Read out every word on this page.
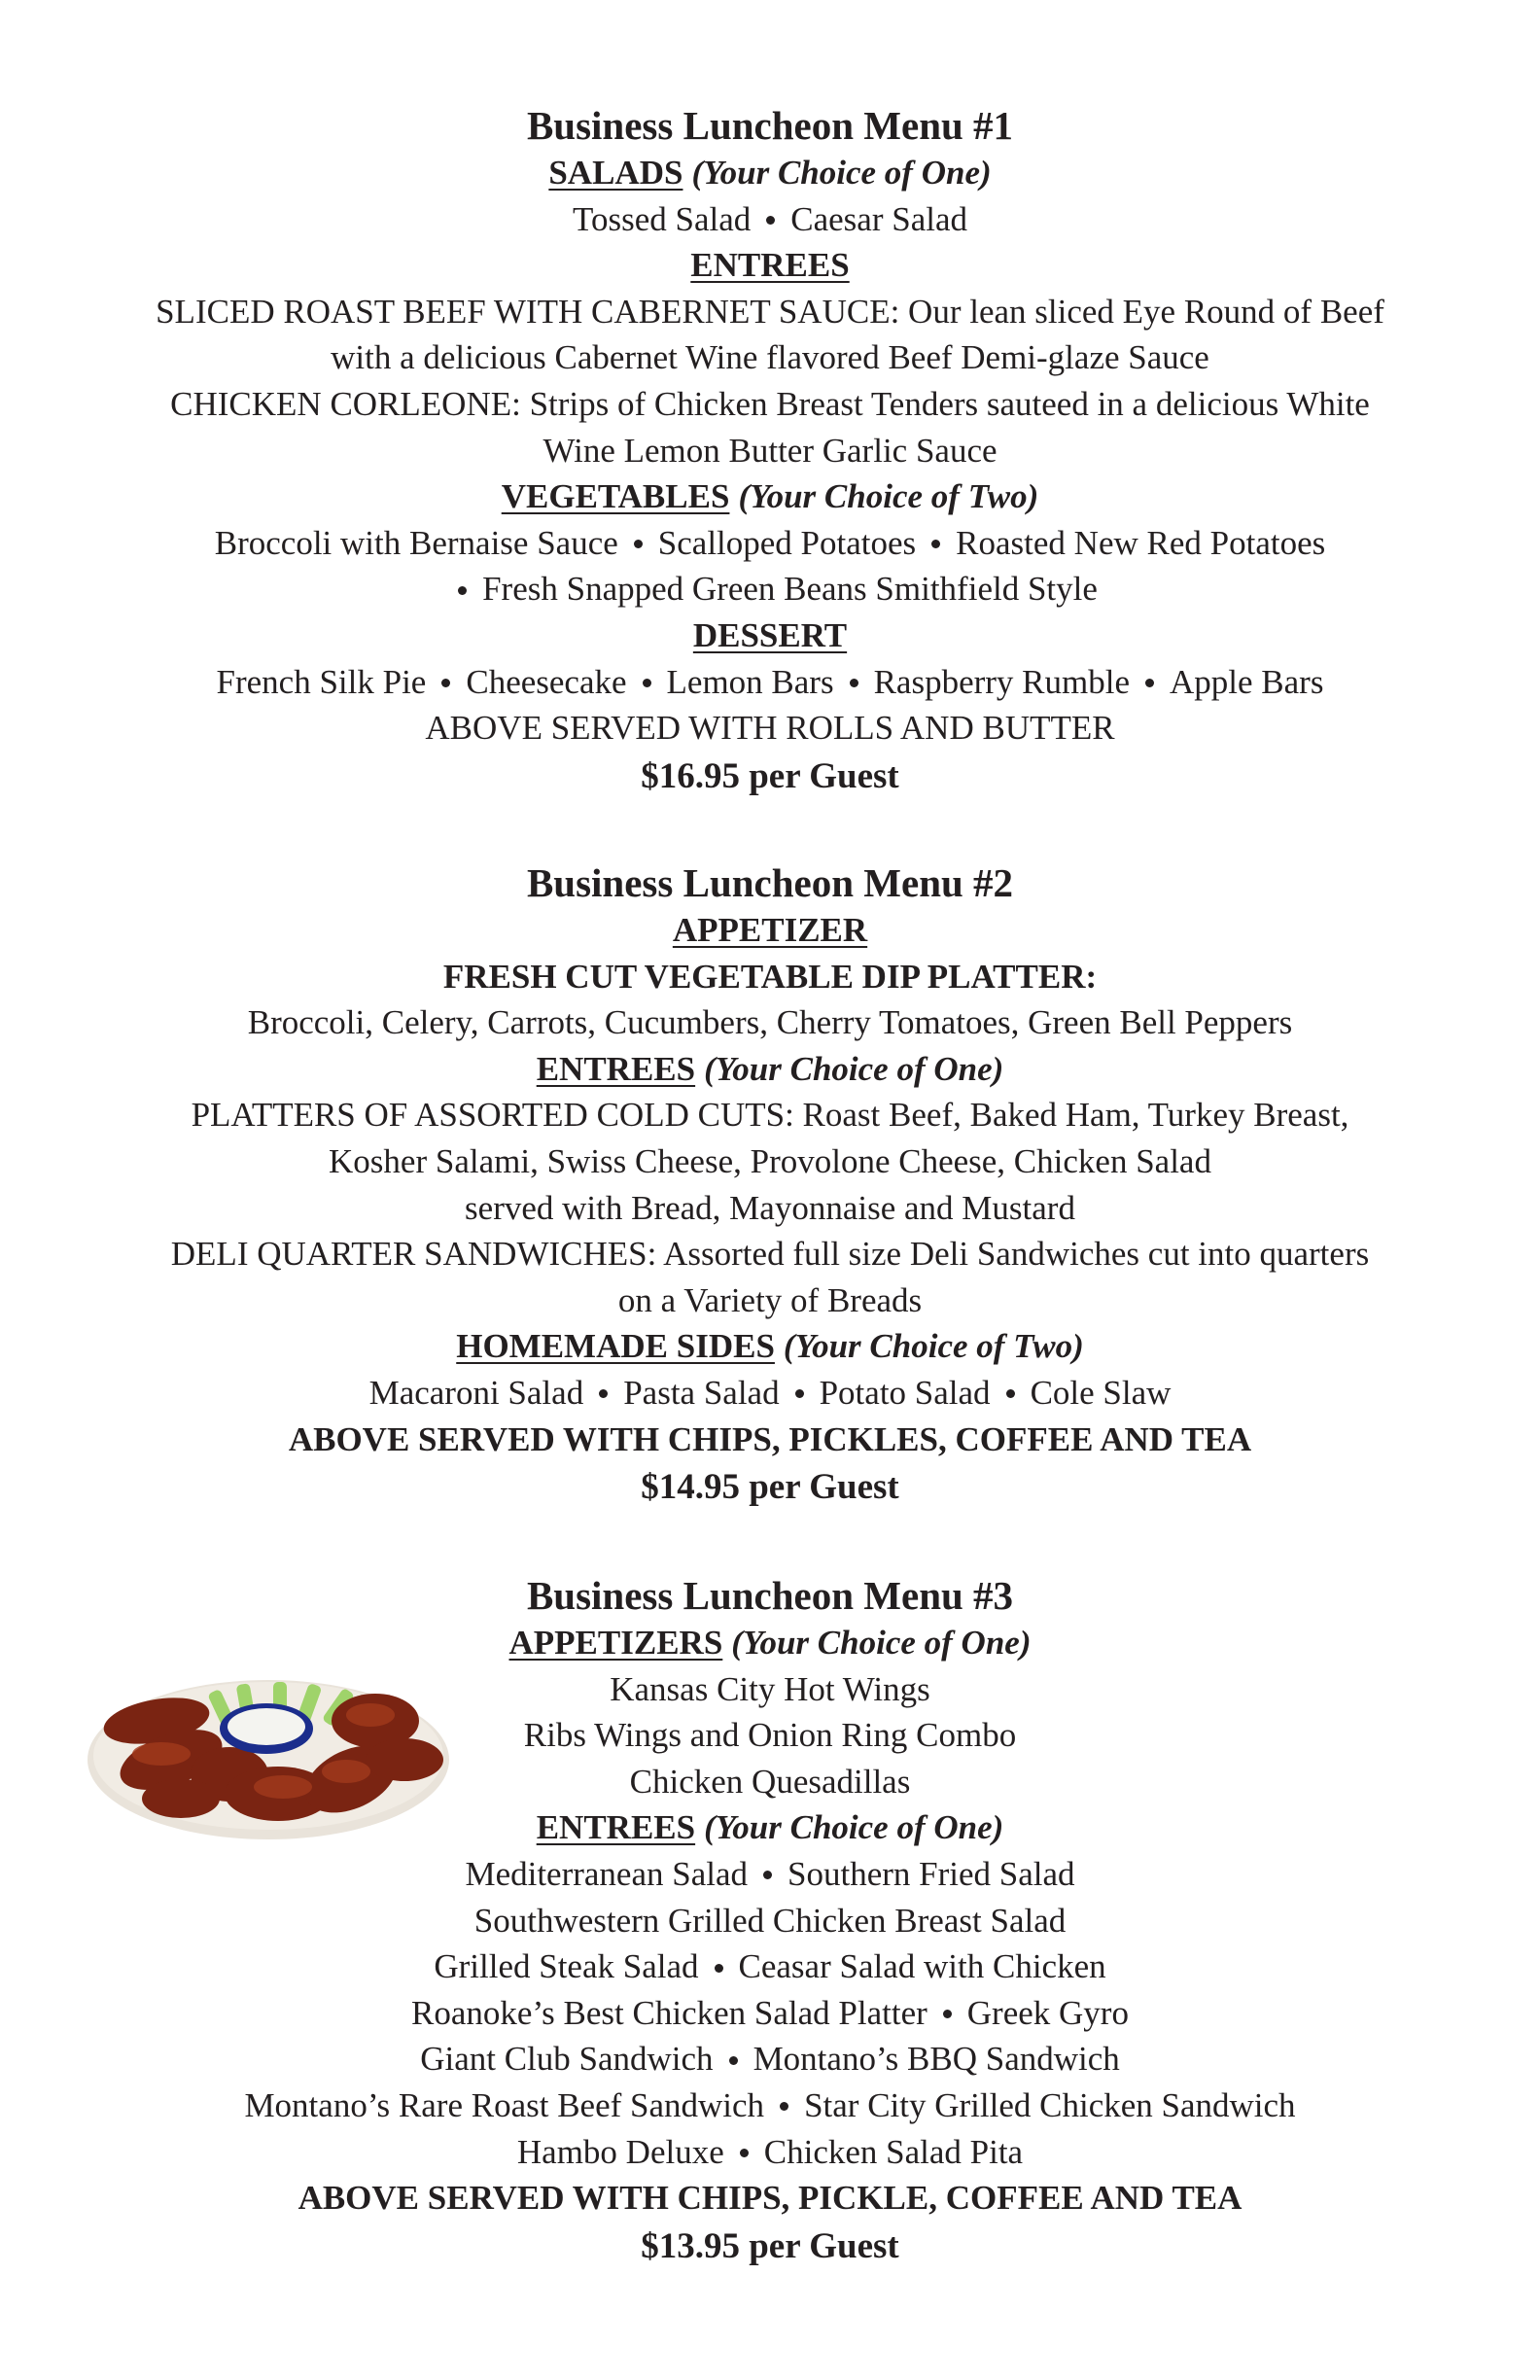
Business Luncheon Menu #1
SALADS (Your Choice of One)
Tossed Salad Caesar Salad
ENTREES
SLICED ROAST BEEF WITH CABERNET SAUCE: Our lean sliced Eye Round of Beef
with a delicious Cabernet Wine flavored Beef Demi-glaze Sauce
CHICKEN CORLEONE: Strips of Chicken Breast Tenders sauteed in a delicious White
Wine Lemon Butter Garlic Sauce
VEGETABLES (Your Choice of Two)
Broccoli with Bernaise Sauce Scalloped Potatoes Roasted New Red Potatoes
Fresh Snapped Green Beans Smithfield Style
DESSERT
French Silk Pie Cheesecake Lemon Bars Raspberry Rumble Apple Bars
ABOVE SERVED WITH ROLLS AND BUTTER
$16.95 per Guest
Business Luncheon Menu #2
APPETIZER
FRESH CUT VEGETABLE DIP PLATTER:
Broccoli, Celery, Carrots, Cucumbers, Cherry Tomatoes, Green Bell Peppers
ENTREES (Your Choice of One)
PLATTERS OF ASSORTED COLD CUTS: Roast Beef, Baked Ham, Turkey Breast,
Kosher Salami, Swiss Cheese, Provolone Cheese, Chicken Salad
served with Bread, Mayonnaise and Mustard
DELI QUARTER SANDWICHES: Assorted full size Deli Sandwiches cut into quarters
on a Variety of Breads
HOMEMADE SIDES (Your Choice of Two)
Macaroni Salad Pasta Salad Potato Salad Cole Slaw
ABOVE SERVED WITH CHIPS, PICKLES, COFFEE AND TEA
$14.95 per Guest
Business Luncheon Menu #3
APPETIZERS (Your Choice of One)
Kansas City Hot Wings
Ribs Wings and Onion Ring Combo
Chicken Quesadillas
ENTREES (Your Choice of One)
Mediterranean Salad Southern Fried Salad
Southwestern Grilled Chicken Breast Salad
Grilled Steak Salad Ceasar Salad with Chicken
Roanoke’s Best Chicken Salad Platter Greek Gyro
Giant Club Sandwich Montano’s BBQ Sandwich
Montano’s Rare Roast Beef Sandwich Star City Grilled Chicken Sandwich
Hambo Deluxe Chicken Salad Pita
ABOVE SERVED WITH CHIPS, PICKLE, COFFEE AND TEA
$13.95 per Guest
